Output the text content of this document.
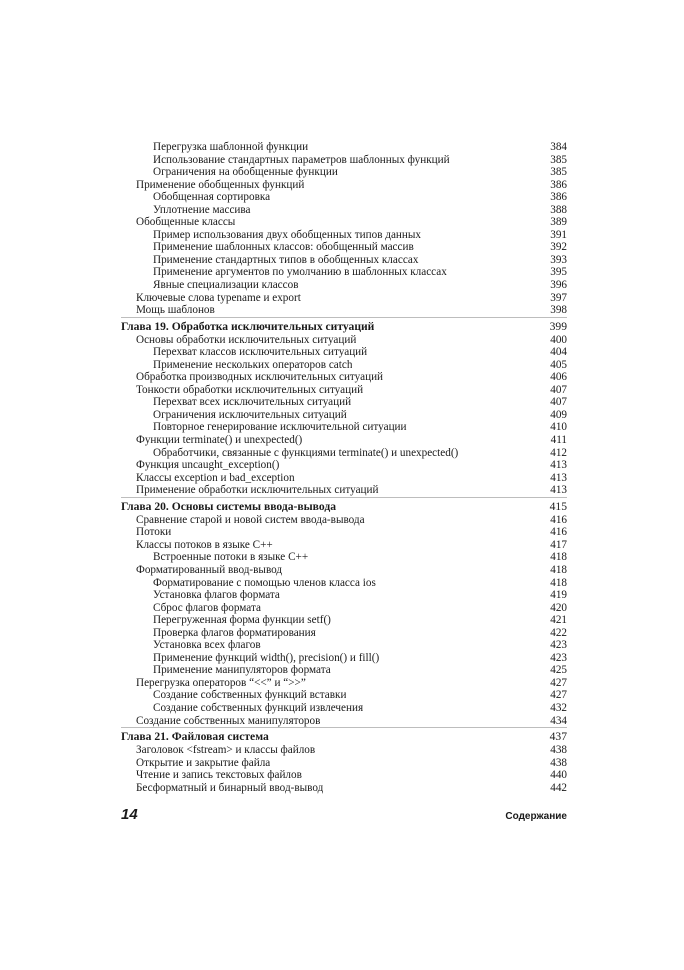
Перегрузка шаблонной функции	384
Использование стандартных параметров шаблонных функций	385
Ограничения на обобщенные функции	385
Применение обобщенных функций	386
Обобщенная сортировка	386
Уплотнение массива	388
Обобщенные классы	389
Пример использования двух обобщенных типов данных	391
Применение шаблонных классов: обобщенный массив	392
Применение стандартных типов в обобщенных классах	393
Применение аргументов по умолчанию в шаблонных классах	395
Явные специализации классов	396
Ключевые слова typename и export	397
Мощь шаблонов	398
Глава 19. Обработка исключительных ситуаций	399
Основы обработки исключительных ситуаций	400
Перехват классов исключительных ситуаций	404
Применение нескольких операторов catch	405
Обработка производных исключительных ситуаций	406
Тонкости обработки исключительных ситуаций	407
Перехват всех исключительных ситуаций	407
Ограничения исключительных ситуаций	409
Повторное генерирование исключительной ситуации	410
Функции terminate() и unexpected()	411
Обработчики, связанные с функциями terminate() и unexpected()	412
Функция uncaught_exception()	413
Классы exception и bad_exception	413
Применение обработки исключительных ситуаций	413
Глава 20. Основы системы ввода-вывода	415
Сравнение старой и новой систем ввода-вывода	416
Потоки	416
Классы потоков в языке C++	417
Встроенные потоки в языке C++	418
Форматированный ввод-вывод	418
Форматирование с помощью членов класса ios	418
Установка флагов формата	419
Сброс флагов формата	420
Перегруженная форма функции setf()	421
Проверка флагов форматирования	422
Установка всех флагов	423
Применение функций width(), precision() и fill()	423
Применение манипуляторов формата	425
Перегрузка операторов “<<” и “>>”	427
Создание собственных функций вставки	427
Создание собственных функций извлечения	432
Создание собственных манипуляторов	434
Глава 21. Файловая система	437
Заголовок <fstream> и классы файлов	438
Открытие и закрытие файла	438
Чтение и запись текстовых файлов	440
Бесформатный и бинарный ввод-вывод	442
14	Содержание
